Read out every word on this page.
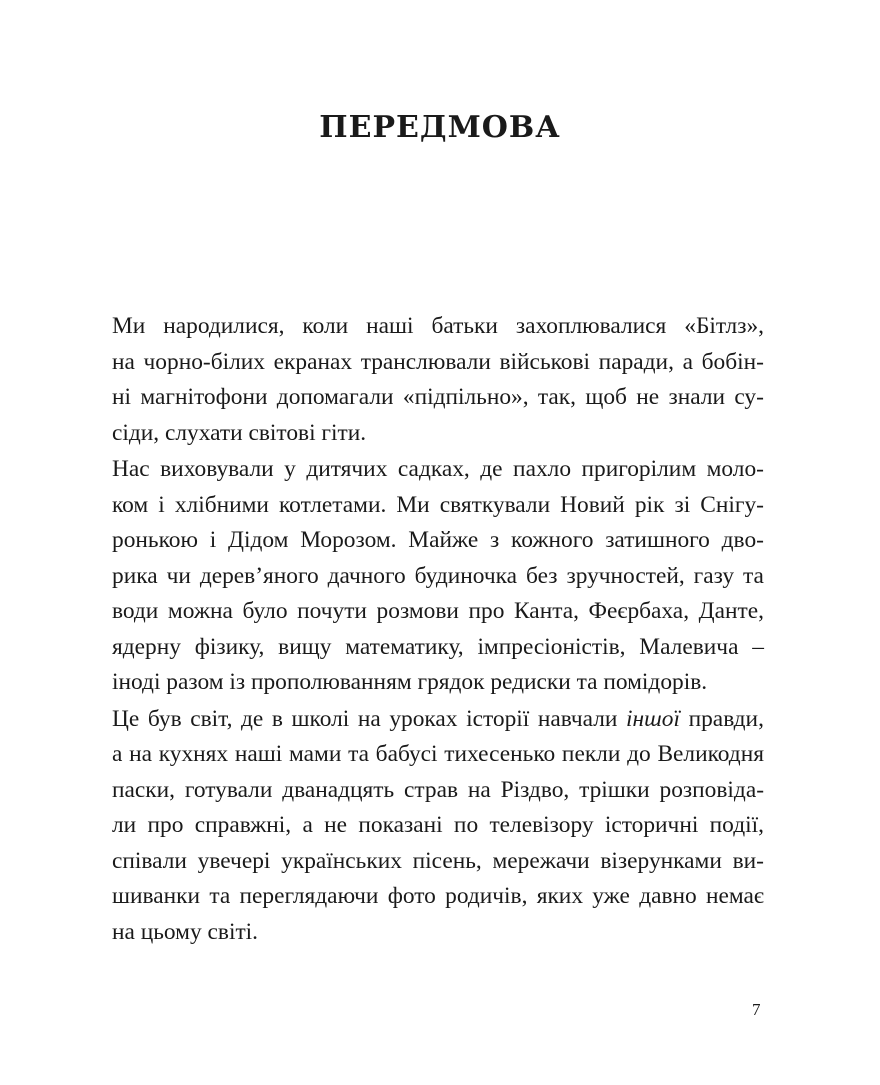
ПЕРЕДМОВА
Ми народилися, коли наші батьки захоплювалися «Бітлз»,
на чорно-білих екранах транслювали військові паради, а бобін-
ні магнітофони допомагали «підпільно», так, щоб не знали су-
сіди, слухати світові гіти.
Нас виховували у дитячих садках, де пахло пригорілим моло-
ком і хлібними котлетами. Ми святкували Новий рік зі Снігу-
ронькою і Дідом Морозом. Майже з кожного затишного дво-
рика чи дерев’яного дачного будиночка без зручностей, газу та
води можна було почути розмови про Канта, Феєрбаха, Данте,
ядерну фізику, вищу математику, імпресіоністів, Малевича –
іноді разом із прополюванням грядок редиски та помідорів.
Це був світ, де в школі на уроках історії навчали іншої правди,
а на кухнях наші мами та бабусі тихесенько пекли до Великодня
паски, готували дванадцять страв на Різдво, трішки розповіда-
ли про справжні, а не показані по телевізору історичні події,
співали увечері українських пісень, мережачи візерунками ви-
шиванки та переглядаючи фото родичів, яких уже давно немає
на цьому світі.
7
